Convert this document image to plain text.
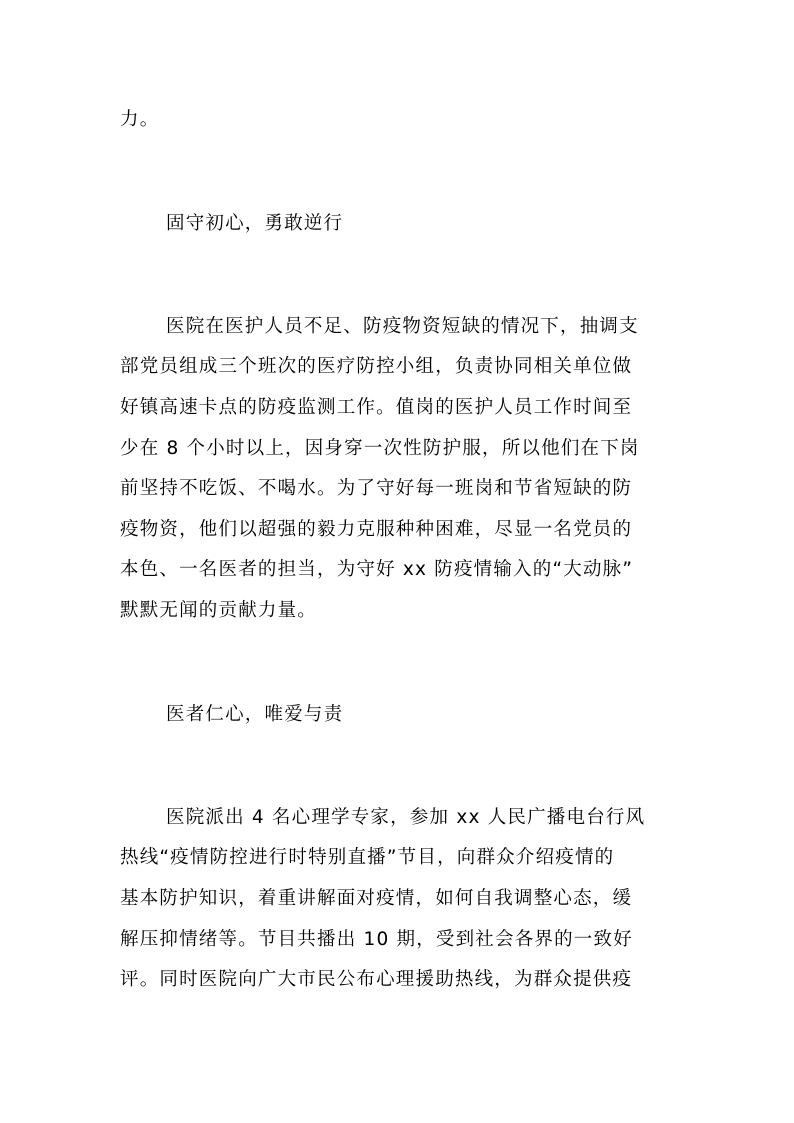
力。
固守初心，勇敢逆行
医院在医护人员不足、防疫物资短缺的情况下，抽调支
部党员组成三个班次的医疗防控小组，负责协同相关单位做
好镇高速卡点的防疫监测工作。值岗的医护人员工作时间至
少在 8 个小时以上，因身穿一次性防护服，所以他们在下岗
前坚持不吃饭、不喝水。为了守好每一班岗和节省短缺的防
疫物资，他们以超强的毅力克服种种困难，尽显一名党员的
本色、一名医者的担当，为守好 xx 防疫情输入的“大动脉”
默默无闻的贡献力量。
医者仁心，唯爱与责
医院派出 4 名心理学专家，参加 xx 人民广播电台行风
热线“疫情防控进行时特别直播”节目，向群众介绍疫情的
基本防护知识，着重讲解面对疫情，如何自我调整心态，缓
解压抑情绪等。节目共播出 10 期，受到社会各界的一致好
评。同时医院向广大市民公布心理援助热线，为群众提供疫
